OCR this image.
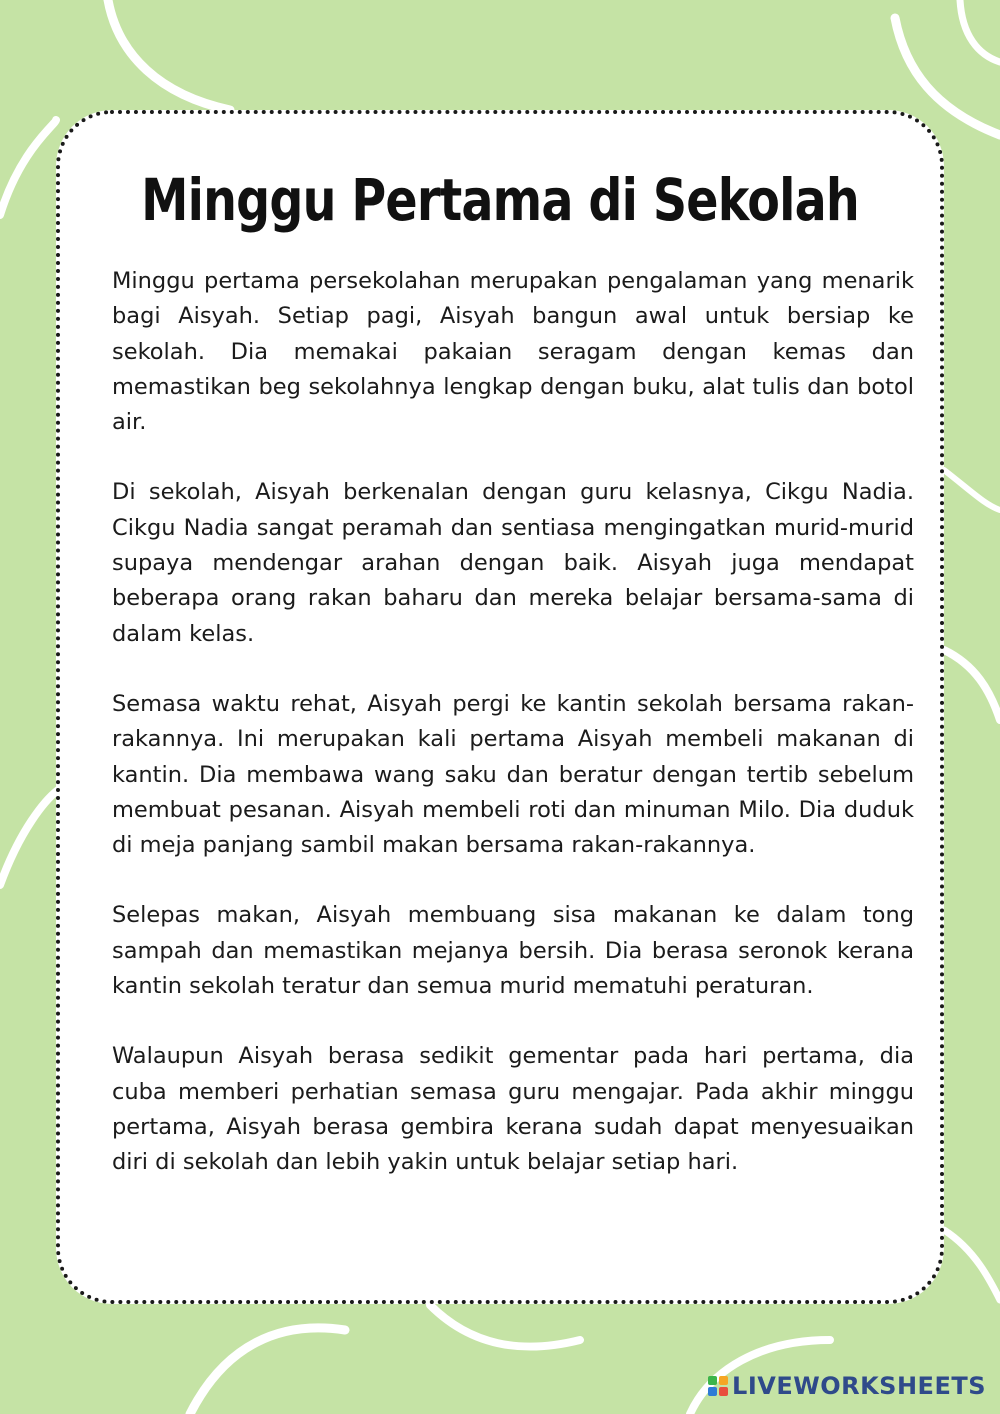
Minggu Pertama di Sekolah

Minggu pertama persekolahan merupakan pengalaman yang menarik bagi Aisyah. Setiap pagi, Aisyah bangun awal untuk bersiap ke sekolah. Dia memakai pakaian seragam dengan kemas dan memastikan beg sekolahnya lengkap dengan buku, alat tulis dan botol air.

Di sekolah, Aisyah berkenalan dengan guru kelasnya, Cikgu Nadia. Cikgu Nadia sangat peramah dan sentiasa mengingatkan murid-murid supaya mendengar arahan dengan baik. Aisyah juga mendapat beberapa orang rakan baharu dan mereka belajar bersama-sama di dalam kelas.

Semasa waktu rehat, Aisyah pergi ke kantin sekolah bersama rakan-rakannya. Ini merupakan kali pertama Aisyah membeli makanan di kantin. Dia membawa wang saku dan beratur dengan tertib sebelum membuat pesanan. Aisyah membeli roti dan minuman Milo. Dia duduk di meja panjang sambil makan bersama rakan-rakannya.

Selepas makan, Aisyah membuang sisa makanan ke dalam tong sampah dan memastikan mejanya bersih. Dia berasa seronok kerana kantin sekolah teratur dan semua murid mematuhi peraturan.

Walaupun Aisyah berasa sedikit gementar pada hari pertama, dia cuba memberi perhatian semasa guru mengajar. Pada akhir minggu pertama, Aisyah berasa gembira kerana sudah dapat menyesuaikan diri di sekolah dan lebih yakin untuk belajar setiap hari.

LIVEWORKSHEETS
